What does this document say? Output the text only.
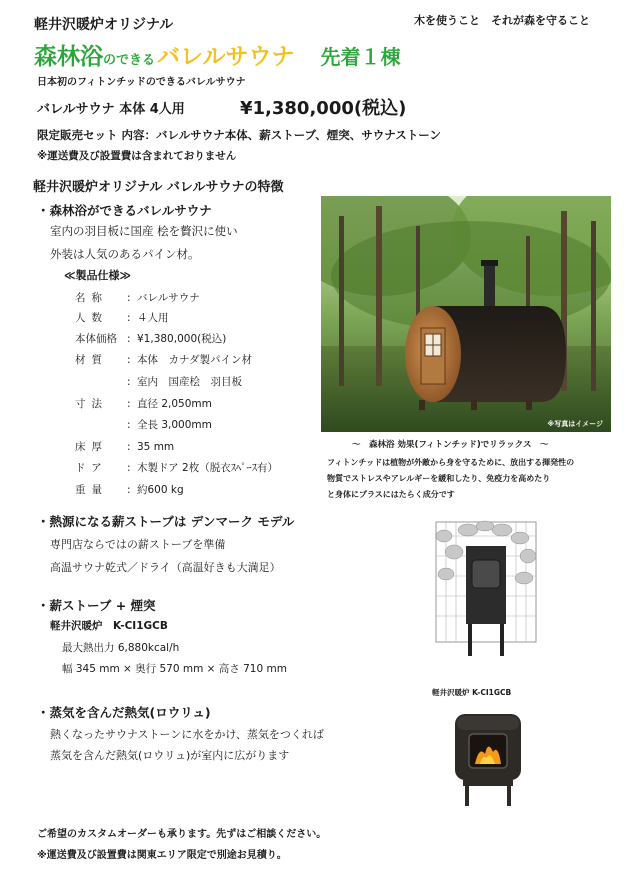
軽井沢暖炉オリジナル	木を使うこと　それが森を守ること
森林浴のできるバレルサウナ 先着１棟
日本初のフィトンチッドのできるバレルサウナ
バレルサウナ 本体 4人用	¥1,380,000(税込)
限定販売セット 内容：バレルサウナ本体、薪ストーブ、煙突、サウナストーン
※運送費及び設置費は含まれておりません
軽井沢暖炉オリジナル バレルサウナの特徴
・森林浴ができるバレルサウナ
室内の羽目板に国産 桧を贅沢に使い
外装は人気のあるパイン材。
≪製品仕様≫
名称 : バレルサウナ
人数 : ４人用
本体価格 : ¥1,380,000(税込)
材質 : 本体　カナダ製パイン材
: 室内　国産桧　羽目板
寸法 : 直径 2,050mm
: 全長 3,000mm
床厚 : 35 mm
ドア : 木製ドア 2枚（脱衣ｽﾍﾟｰｽ有）
重量 : 約600 kg
※写真はイメージ
～　森林浴 効果(フィトンチッド)でリラックス　～
フィトンチッドは植物が外敵から身を守るために、放出する揮発性の
物質でストレスやアレルギーを緩和したり、免疫力を高めたり
と身体にプラスにはたらく成分です
・熱源になる薪ストーブは デンマーク モデル
専門店ならではの薪ストーブを準備
高温サウナ乾式／ドライ（高温好きも大満足）
・薪ストーブ + 煙突
軽井沢暖炉　K-CI1GCB
最大熱出力 6,880kcal/h
幅 345 mm × 奥行 570 mm × 高さ 710 mm
軽井沢暖炉 K-CI1GCB
・蒸気を含んだ熱気(ロウリュ)
熱くなったサウナストーンに水をかけ、蒸気をつくれば
蒸気を含んだ熱気(ロウリュ)が室内に広がります
ご希望のカスタムオーダーも承ります。先ずはご相談ください。
※運送費及び設置費は関東エリア限定で別途お見積り。
